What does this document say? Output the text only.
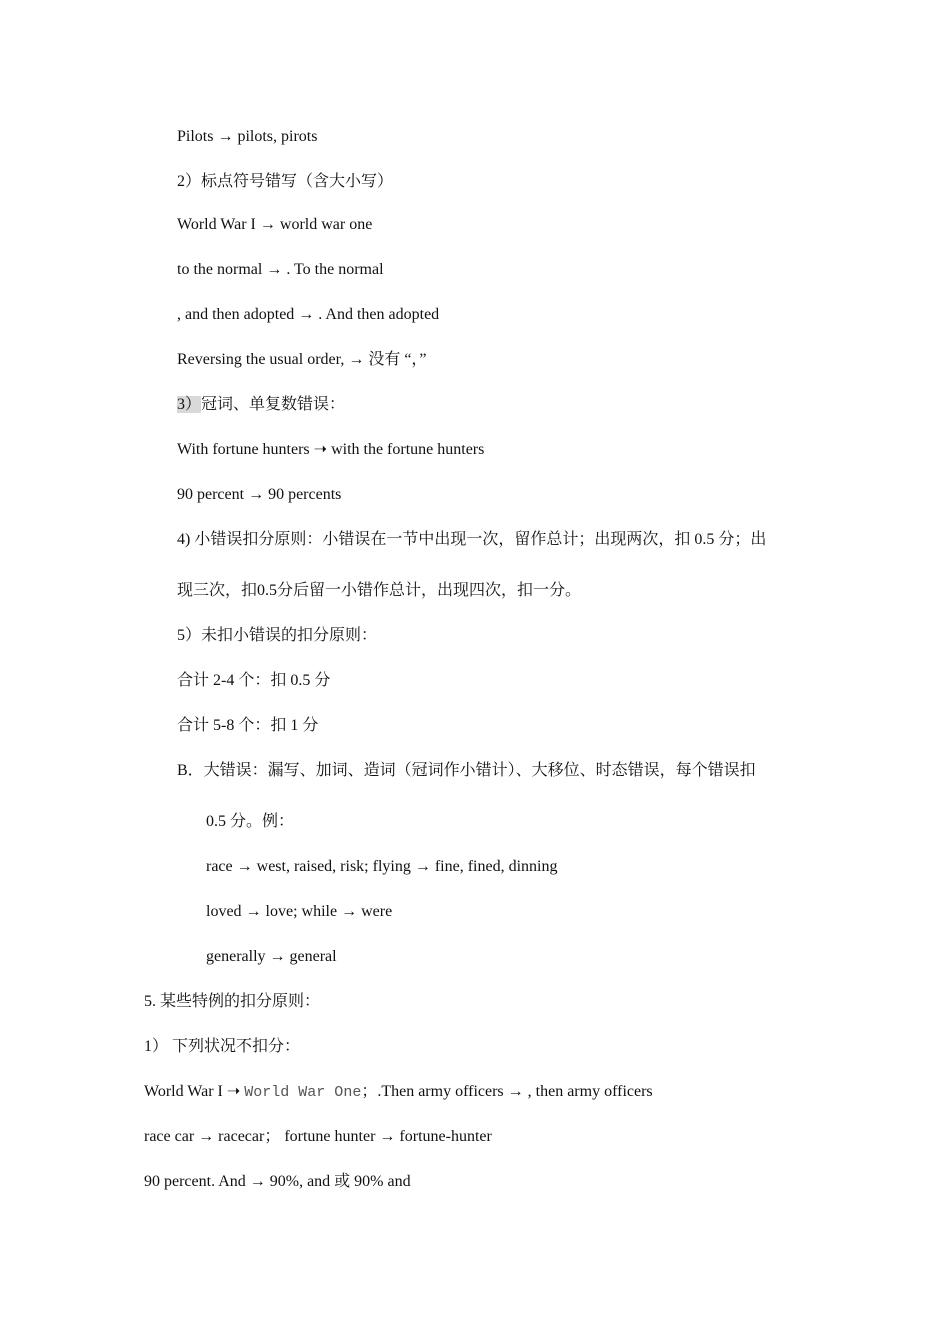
Pilots → pilots, pirots
2）标点符号错写（含大小写）
World War I → world war one
to the normal → . To the normal
, and then adopted → . And then adopted
Reversing the usual order, → 没有 “，”
3）冠词、单复数错误：
With fortune hunters ➝ with the fortune hunters
90 percent → 90 percents
4) 小错误扣分原则：小错误在一节中出现一次，留作总计；出现两次，扣 0.5 分；出
现三次，扣0.5分后留一小错作总计，出现四次，扣一分。
5）未扣小错误的扣分原则：
合计 2-4 个：扣 0.5 分
合计 5-8 个：扣 1 分
B．大错误：漏写、加词、造词（冠词作小错计）、大移位、时态错误，每个错误扣
0.5 分。例：
race → west, raised, risk; flying → fine, fined, dinning
loved → love; while → were
generally → general
5. 某些特例的扣分原则：
1） 下列状况不扣分：
World War I ➝ World War One；.Then army officers → , then army officers
race car → racecar； fortune hunter → fortune-hunter
90 percent. And → 90%, and 或 90% and
